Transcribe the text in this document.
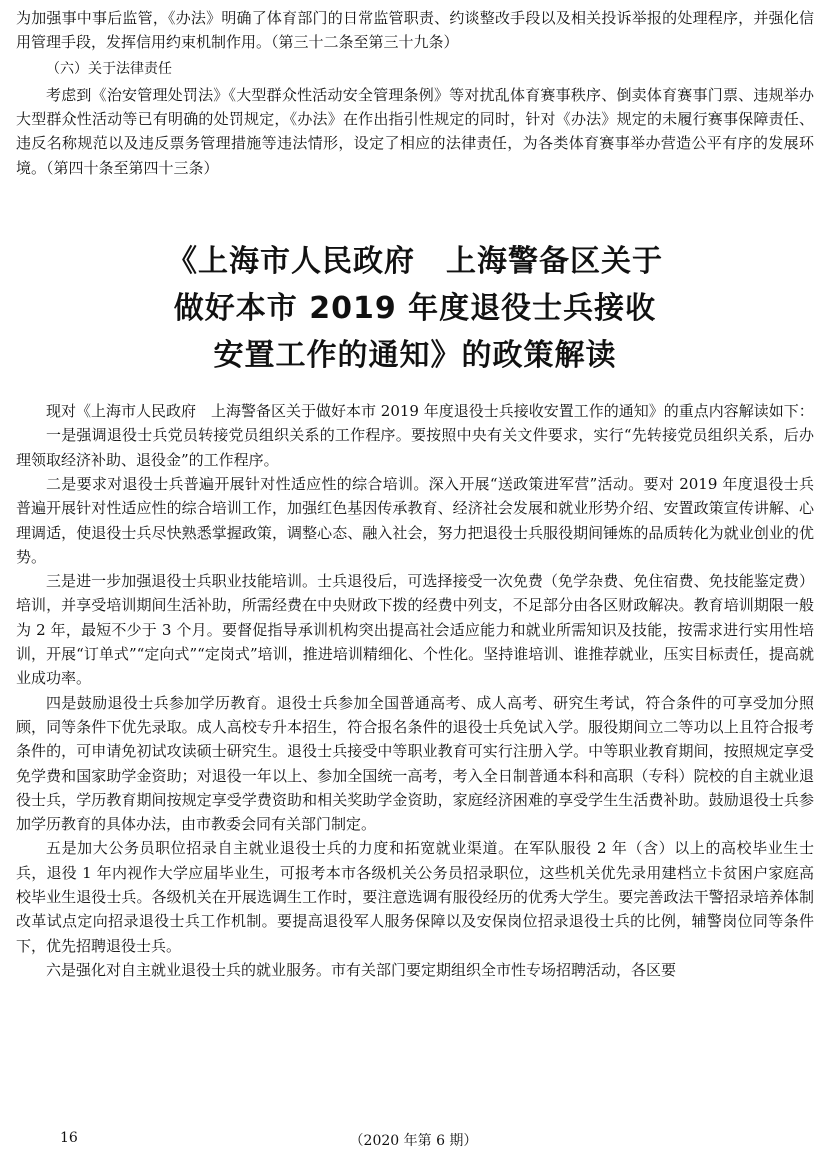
为加强事中事后监管，《办法》明确了体育部门的日常监管职责、约谈整改手段以及相关投诉举报的处理程序，并强化信用管理手段，发挥信用约束机制作用。（第三十二条至第三十九条）

（六）关于法律责任

考虑到《治安管理处罚法》《大型群众性活动安全管理条例》等对扰乱体育赛事秩序、倒卖体育赛事门票、违规举办大型群众性活动等已有明确的处罚规定，《办法》在作出指引性规定的同时，针对《办法》规定的未履行赛事保障责任、违反名称规范以及违反票务管理措施等违法情形，设定了相应的法律责任，为各类体育赛事举办营造公平有序的发展环境。（第四十条至第四十三条）

《上海市人民政府　上海警备区关于
做好本市 2019 年度退役士兵接收
安置工作的通知》的政策解读

现对《上海市人民政府　上海警备区关于做好本市 2019 年度退役士兵接收安置工作的通知》的重点内容解读如下：

一是强调退役士兵党员转接党员组织关系的工作程序。要按照中央有关文件要求，实行“先转接党员组织关系，后办理领取经济补助、退役金”的工作程序。

二是要求对退役士兵普遍开展针对性适应性的综合培训。深入开展“送政策进军营”活动。要对 2019 年度退役士兵普遍开展针对性适应性的综合培训工作，加强红色基因传承教育、经济社会发展和就业形势介绍、安置政策宣传讲解、心理调适，使退役士兵尽快熟悉掌握政策，调整心态、融入社会，努力把退役士兵服役期间锤炼的品质转化为就业创业的优势。

三是进一步加强退役士兵职业技能培训。士兵退役后，可选择接受一次免费（免学杂费、免住宿费、免技能鉴定费）培训，并享受培训期间生活补助，所需经费在中央财政下拨的经费中列支，不足部分由各区财政解决。教育培训期限一般为 2 年，最短不少于 3 个月。要督促指导承训机构突出提高社会适应能力和就业所需知识及技能，按需求进行实用性培训，开展“订单式”“定向式”“定岗式”培训，推进培训精细化、个性化。坚持谁培训、谁推荐就业，压实目标责任，提高就业成功率。

四是鼓励退役士兵参加学历教育。退役士兵参加全国普通高考、成人高考、研究生考试，符合条件的可享受加分照顾，同等条件下优先录取。成人高校专升本招生，符合报名条件的退役士兵免试入学。服役期间立二等功以上且符合报考条件的，可申请免初试攻读硕士研究生。退役士兵接受中等职业教育可实行注册入学。中等职业教育期间，按照规定享受免学费和国家助学金资助；对退役一年以上、参加全国统一高考，考入全日制普通本科和高职（专科）院校的自主就业退役士兵，学历教育期间按规定享受学费资助和相关奖助学金资助，家庭经济困难的享受学生生活费补助。鼓励退役士兵参加学历教育的具体办法，由市教委会同有关部门制定。

五是加大公务员职位招录自主就业退役士兵的力度和拓宽就业渠道。在军队服役 2 年（含）以上的高校毕业生士兵，退役 1 年内视作大学应届毕业生，可报考本市各级机关公务员招录职位，这些机关优先录用建档立卡贫困户家庭高校毕业生退役士兵。各级机关在开展选调生工作时，要注意选调有服役经历的优秀大学生。要完善政法干警招录培养体制改革试点定向招录退役士兵工作机制。要提高退役军人服务保障以及安保岗位招录退役士兵的比例，辅警岗位同等条件下，优先招聘退役士兵。

六是强化对自主就业退役士兵的就业服务。市有关部门要定期组织全市性专场招聘活动，各区要

16	（2020 年第 6 期）
